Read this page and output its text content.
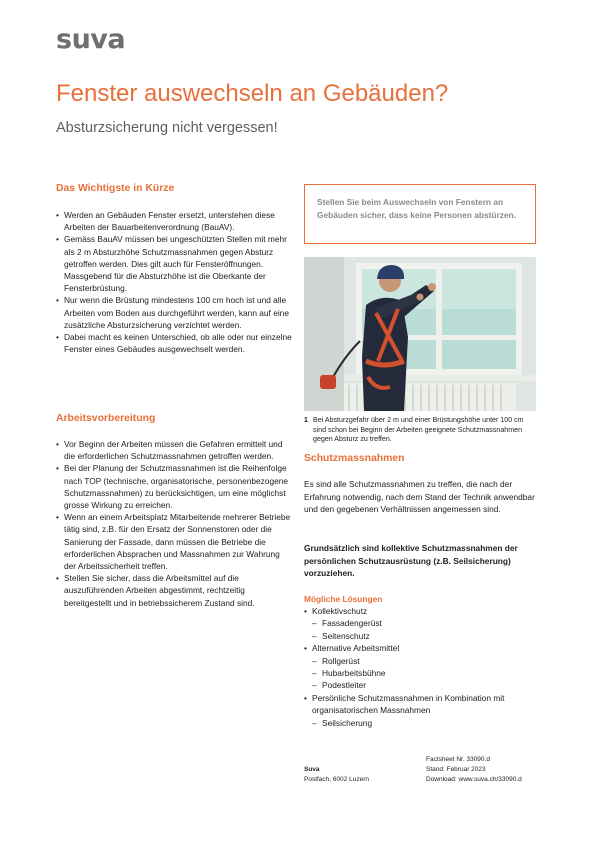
suva
Fenster auswechseln an Gebäuden?
Absturzsicherung nicht vergessen!
Das Wichtigste in Kürze
• Werden an Gebäuden Fenster ersetzt, unterstehen diese Arbeiten der Bauarbeitenverordnung (BauAV).
• Gemäss BauAV müssen bei ungeschützten Stellen mit mehr als 2 m Absturzhöhe Schutzmassnahmen gegen Absturz getroffen werden. Dies gilt auch für Fensteröffnungen. Massgebend für die Absturzhöhe ist die Oberkante der Fensterbrüstung.
• Nur wenn die Brüstung mindestens 100 cm hoch ist und alle Arbeiten vom Boden aus durchgeführt werden, kann auf eine zusätzliche Absturzsicherung verzichtet werden.
• Dabei macht es keinen Unterschied, ob alle oder nur einzelne Fenster eines Gebäudes ausgewechselt werden.
Arbeitsvorbereitung
• Vor Beginn der Arbeiten müssen die Gefahren ermittelt und die erforderlichen Schutzmassnahmen getroffen werden.
• Bei der Planung der Schutzmassnahmen ist die Reihenfolge nach TOP (technische, organisatorische, personenbezogene Schutzmassnahmen) zu berücksichtigen, um eine möglichst grosse Wirkung zu erreichen.
• Wenn an einem Arbeitsplatz Mitarbeitende mehrerer Betriebe tätig sind, z.B. für den Ersatz der Sonnenstoren oder die Sanierung der Fassade, dann müssen die Betriebe die erforderlichen Absprachen und Massnahmen zur Wahrung der Arbeitssicherheit treffen.
• Stellen Sie sicher, dass die Arbeitsmittel auf die auszuführenden Arbeiten abgestimmt, rechtzeitig bereitgestellt und in betriebssicherem Zustand sind.
Stellen Sie beim Auswechseln von Fenstern an Gebäuden sicher, dass keine Personen abstürzen.
1 Bei Absturzgefahr über 2 m und einer Brüstungshöhe unter 100 cm sind schon bei Beginn der Arbeiten geeignete Schutzmassnahmen gegen Absturz zu treffen.
Schutzmassnahmen
Es sind alle Schutzmassnahmen zu treffen, die nach der Erfahrung notwendig, nach dem Stand der Technik anwendbar und den gegebenen Verhältnissen angemessen sind.
Grundsätzlich sind kollektive Schutzmassnahmen der persönlichen Schutzausrüstung (z.B. Seilsicherung) vorzuziehen.
Mögliche Lösungen
• Kollektivschutz
– Fassadengerüst
– Seitenschutz
• Alternative Arbeitsmittel
– Rollgerüst
– Hubarbeitsbühne
– Podestleiter
• Persönliche Schutzmassnahmen in Kombination mit organisatorischen Massnahmen
– Seilsicherung
Suva
Postfach, 6002 Luzern
Factsheet Nr. 33090.d
Stand: Februar 2023
Download: www.suva.ch/33090.d
